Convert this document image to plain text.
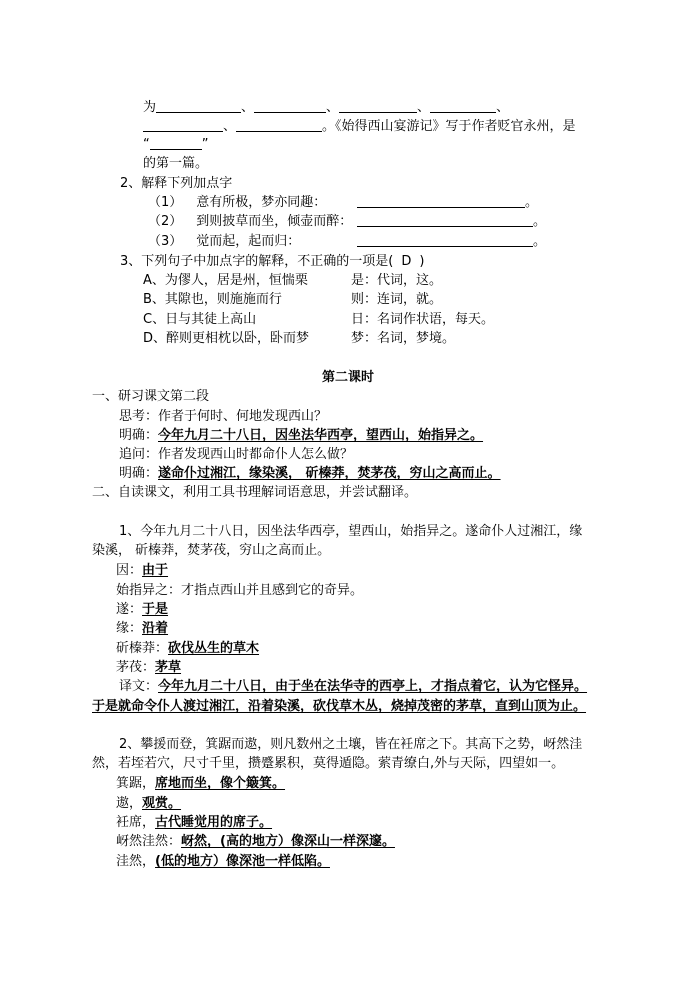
为	、	、	、	、
、	。《始得西山宴游记》写于作者贬官永州，是
“	”
的第一篇。
2、解释下列加点字
（1） 意有所极，梦亦同趣：	。
（2） 到则披草而坐，倾壶而醉：	。
（3） 觉而起，起而归：	。
3、下列句子中加点字的解释，不正确的一项是( D )
A、为僇人，居是州，恒惴栗	是：代词，这。
B、其隙也，则施施而行	则：连词，就。
C、日与其徒上高山	日：名词作状语，每天。
D、醉则更相枕以卧，卧而梦	梦：名词，梦境。
第二课时
一、研习课文第二段
思考：作者于何时、何地发现西山？
明确：今年九月二十八日，因坐法华西亭，望西山，始指异之。
追问：作者发现西山时都命仆人怎么做？
明确：遂命仆过湘江，缘染溪， 斫榛莽，焚茅茷，穷山之高而止。
二、自读课文，利用工具书理解词语意思，并尝试翻译。
1、今年九月二十八日，因坐法华西亭，望西山，始指异之。遂命仆人过湘江，缘
染溪， 斫榛莽，焚茅茷，穷山之高而止。
因：由于
始指异之：才指点西山并且感到它的奇异。
遂：于是
缘：沿着
斫榛莽：砍伐丛生的草木
茅茷：茅草
译文：今年九月二十八日，由于坐在法华寺的西亭上，才指点着它，认为它怪异。
于是就命令仆人渡过湘江，沿着染溪，砍伐草木丛，烧掉茂密的茅草，直到山顶为止。
2、攀援而登，箕踞而遨，则凡数州之土壤，皆在衽席之下。其高下之势，岈然洼
然，若垤若穴，尺寸千里，攒蹙累积，莫得遁隐。萦青缭白,外与天际，四望如一。
箕踞，席地而坐，像个簸箕。
遨，观赏。
衽席，古代睡觉用的席子。
岈然洼然：岈然，(高的地方）像深山一样深邃。
洼然，(低的地方）像深池一样低陷。
